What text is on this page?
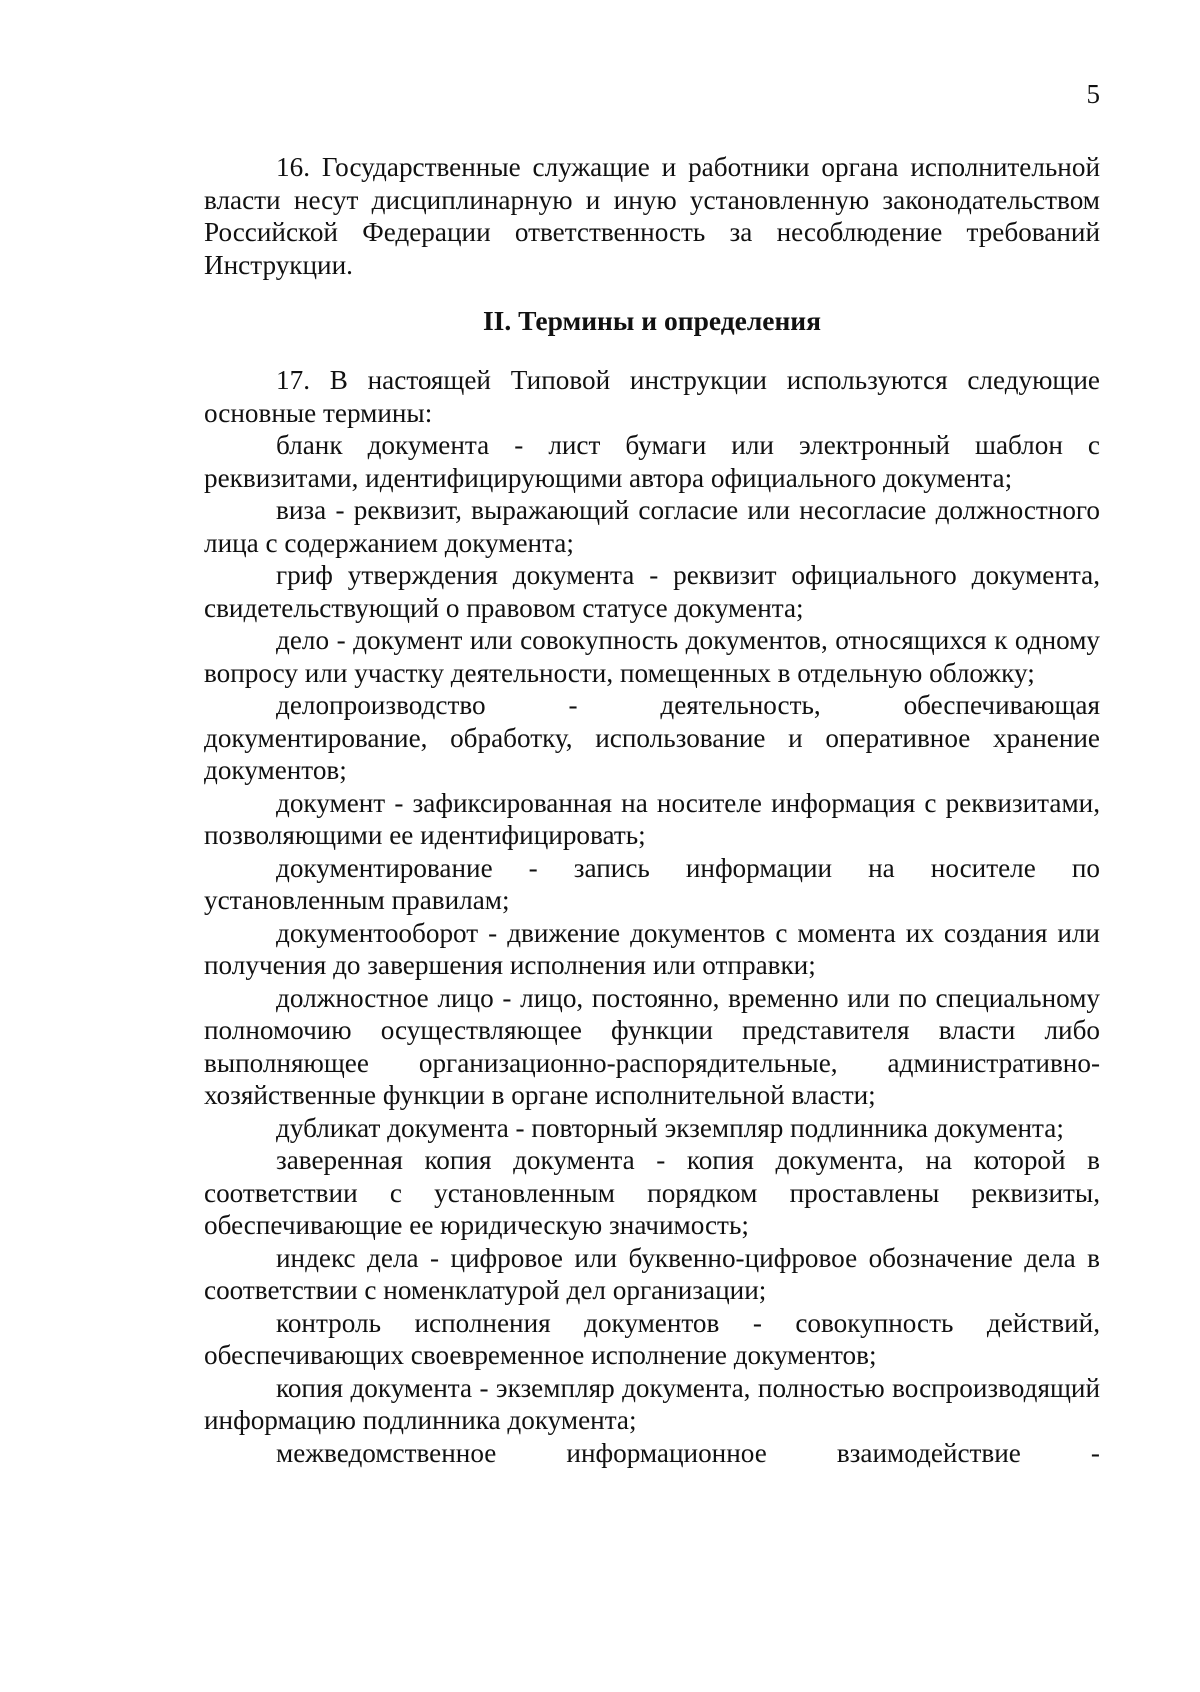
5

16. Государственные служащие и работники органа исполнительной власти несут дисциплинарную и иную установленную законодательством Российской Федерации ответственность за несоблюдение требований Инструкции.

II. Термины и определения

17. В настоящей Типовой инструкции используются следующие основные термины:

бланк документа - лист бумаги или электронный шаблон с реквизитами, идентифицирующими автора официального документа;
виза - реквизит, выражающий согласие или несогласие должностного лица с содержанием документа;
гриф утверждения документа - реквизит официального документа, свидетельствующий о правовом статусе документа;
дело - документ или совокупность документов, относящихся к одному вопросу или участку деятельности, помещенных в отдельную обложку;
делопроизводство - деятельность, обеспечивающая документирование, обработку, использование и оперативное хранение документов;
документ - зафиксированная на носителе информация с реквизитами, позволяющими ее идентифицировать;
документирование - запись информации на носителе по установленным правилам;
документооборот - движение документов с момента их создания или получения до завершения исполнения или отправки;
должностное лицо - лицо, постоянно, временно или по специальному полномочию осуществляющее функции представителя власти либо выполняющее организационно-распорядительные, административно-хозяйственные функции в органе исполнительной власти;
дубликат документа - повторный экземпляр подлинника документа;
заверенная копия документа - копия документа, на которой в соответствии с установленным порядком проставлены реквизиты, обеспечивающие ее юридическую значимость;
индекс дела - цифровое или буквенно-цифровое обозначение дела в соответствии с номенклатурой дел организации;
контроль исполнения документов - совокупность действий, обеспечивающих своевременное исполнение документов;
копия документа - экземпляр документа, полностью воспроизводящий информацию подлинника документа;
межведомственное информационное взаимодействие -
